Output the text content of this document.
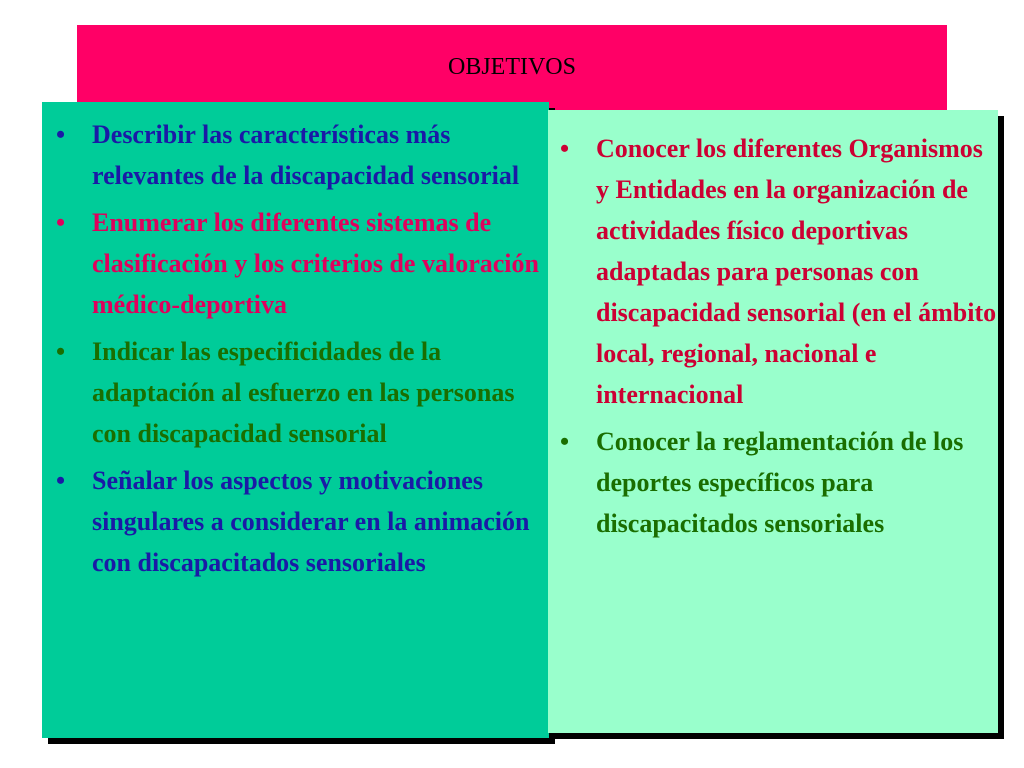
OBJETIVOS
• Describir las características más relevantes de la discapacidad sensorial
• Enumerar los diferentes sistemas de clasificación y los criterios de valoración médico-deportiva
• Indicar las especificidades de la adaptación al esfuerzo en las personas con discapacidad sensorial
• Señalar los aspectos y motivaciones singulares a considerar en la animación con discapacitados sensoriales
• Conocer los diferentes Organismos y Entidades en la organización de actividades físico deportivas adaptadas para personas con discapacidad sensorial (en el ámbito local, regional, nacional e internacional
• Conocer la reglamentación de los deportes específicos para discapacitados sensoriales
